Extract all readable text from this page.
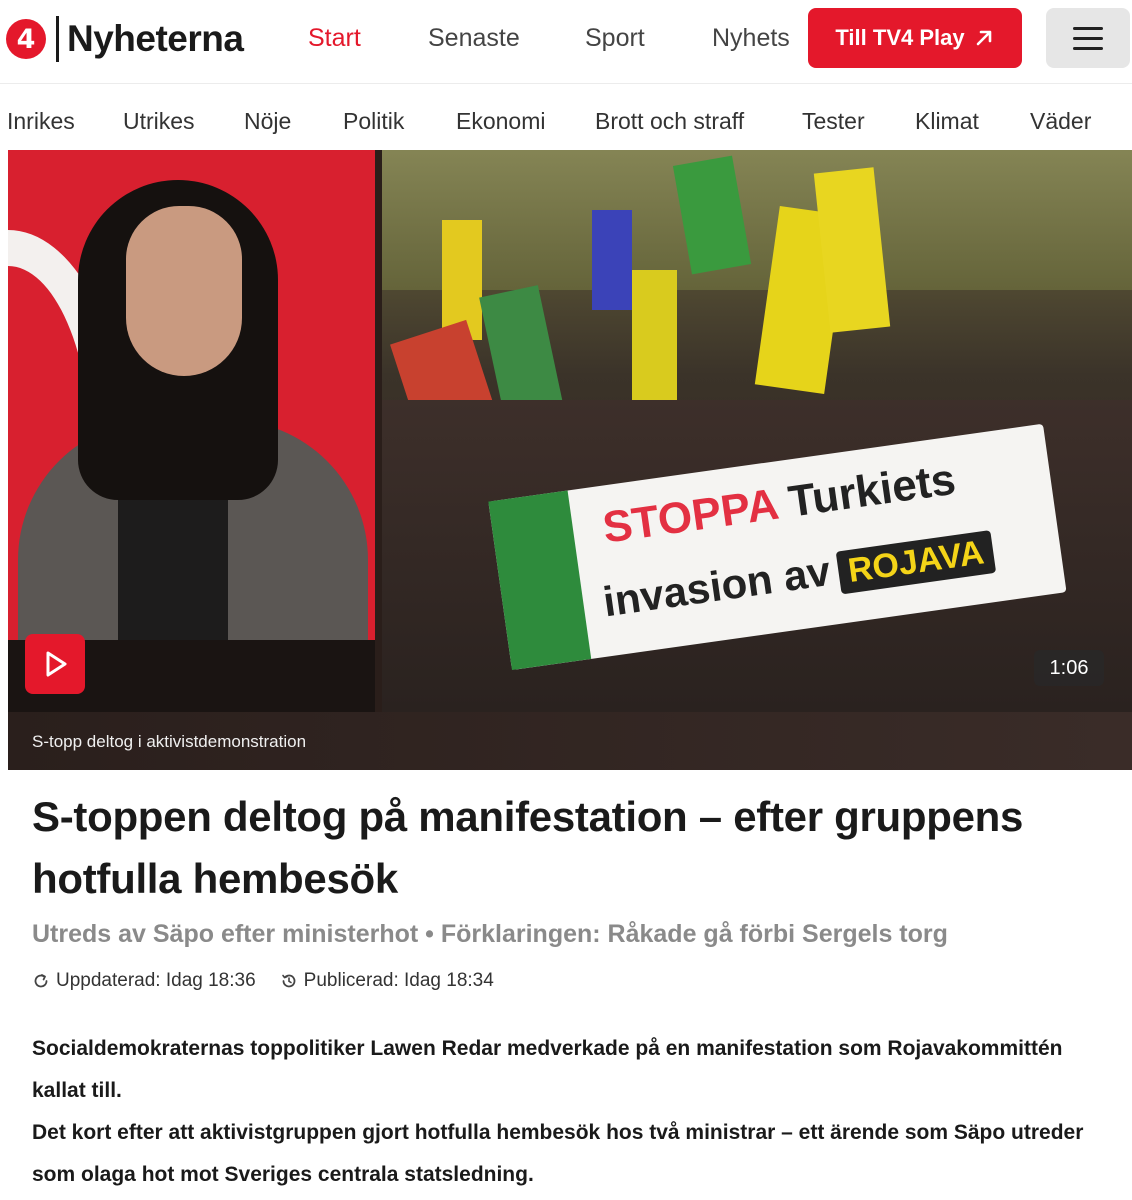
4 Nyheterna	Start	Senaste	Sport	Nyhets Till TV4 Play
Inrikes Utrikes Nöje Politik Ekonomi Brott och straff	Tester Klimat Väder
STOPPA Turkiets
invasion av ROJAVA
1:06
S-topp deltog i aktivistdemonstration
S-toppen deltog på manifestation – efter gruppens hotfulla hembesök
Utreds av Säpo efter ministerhot • Förklaringen: Råkade gå förbi Sergels torg
Uppdaterad: Idag 18:36	Publicerad: Idag 18:34

Socialdemokraternas toppolitiker Lawen Redar medverkade på en manifestation som Rojavakommittén kallat till.

Det kort efter att aktivistgruppen gjort hotfulla hembesök hos två ministrar – ett ärende som Säpo utreder som olaga hot mot Sveriges centrala statsledning.
